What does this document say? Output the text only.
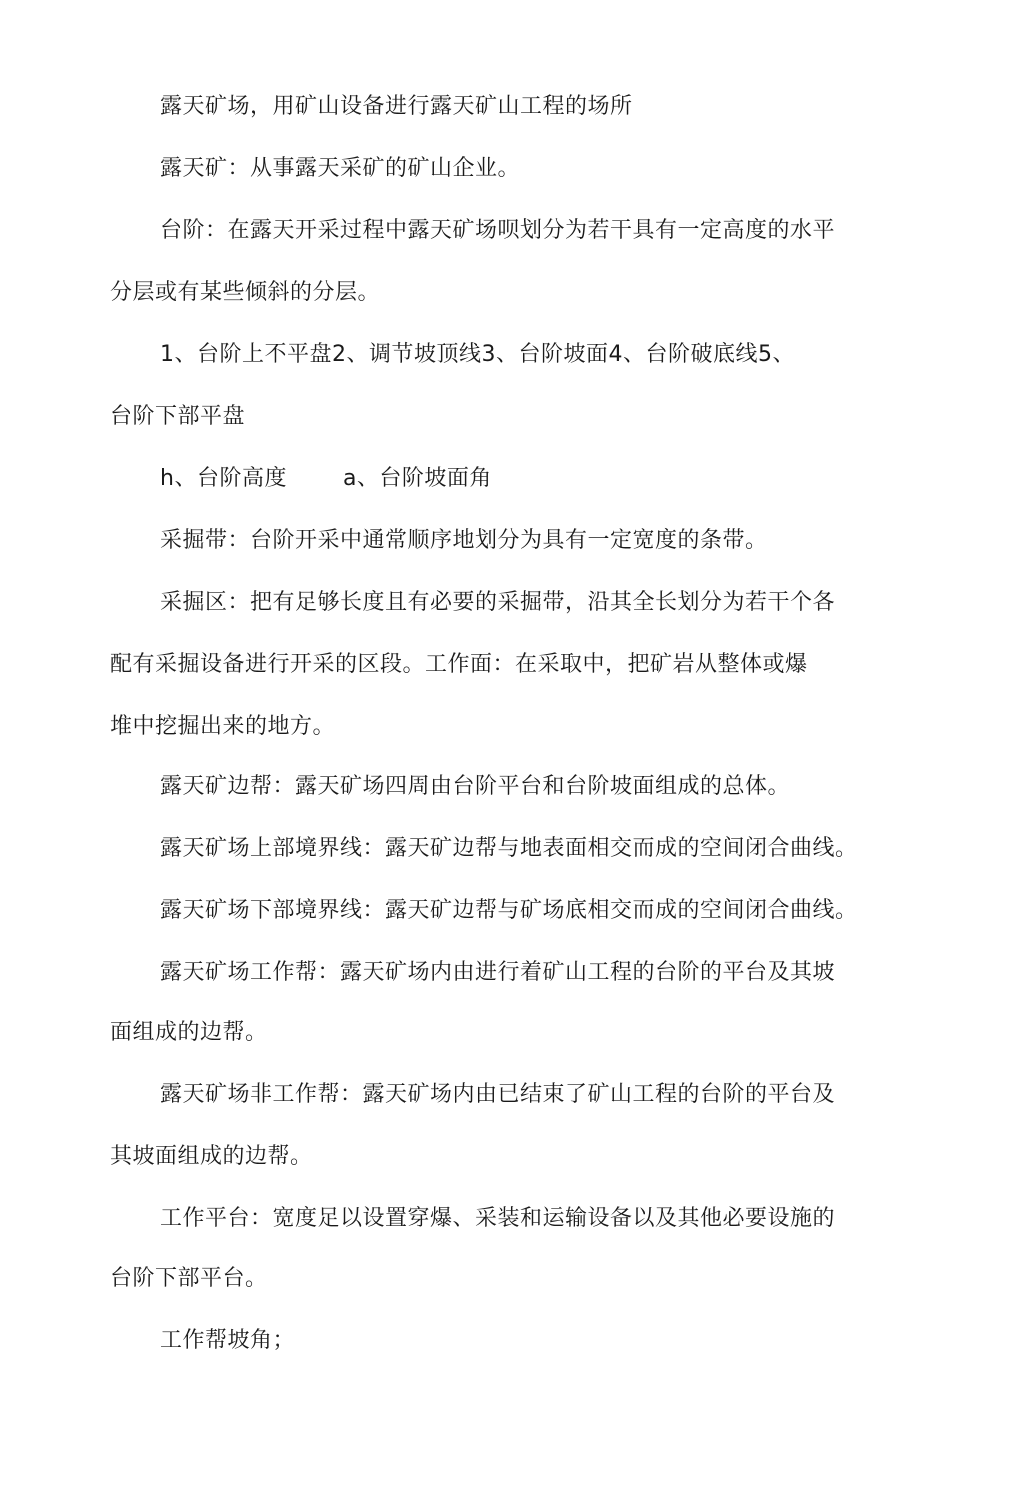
露天矿场，用矿山设备进行露天矿山工程的场所
露天矿：从事露天采矿的矿山企业。
台阶：在露天开采过程中露天矿场呗划分为若干具有一定高度的水平
分层或有某些倾斜的分层。
1、台阶上不平盘2、调节坡顶线3、台阶坡面4、台阶破底线5、
台阶下部平盘
h、台阶高度	a、台阶坡面角
采掘带：台阶开采中通常顺序地划分为具有一定宽度的条带。
采掘区：把有足够长度且有必要的采掘带，沿其全长划分为若干个各
配有采掘设备进行开采的区段。工作面：在采取中，把矿岩从整体或爆
堆中挖掘出来的地方。
露天矿边帮：露天矿场四周由台阶平台和台阶坡面组成的总体。
露天矿场上部境界线：露天矿边帮与地表面相交而成的空间闭合曲线。
露天矿场下部境界线：露天矿边帮与矿场底相交而成的空间闭合曲线。
露天矿场工作帮：露天矿场内由进行着矿山工程的台阶的平台及其坡
面组成的边帮。
露天矿场非工作帮：露天矿场内由已结束了矿山工程的台阶的平台及
其坡面组成的边帮。
工作平台：宽度足以设置穿爆、采装和运输设备以及其他必要设施的
台阶下部平台。
工作帮坡角；
